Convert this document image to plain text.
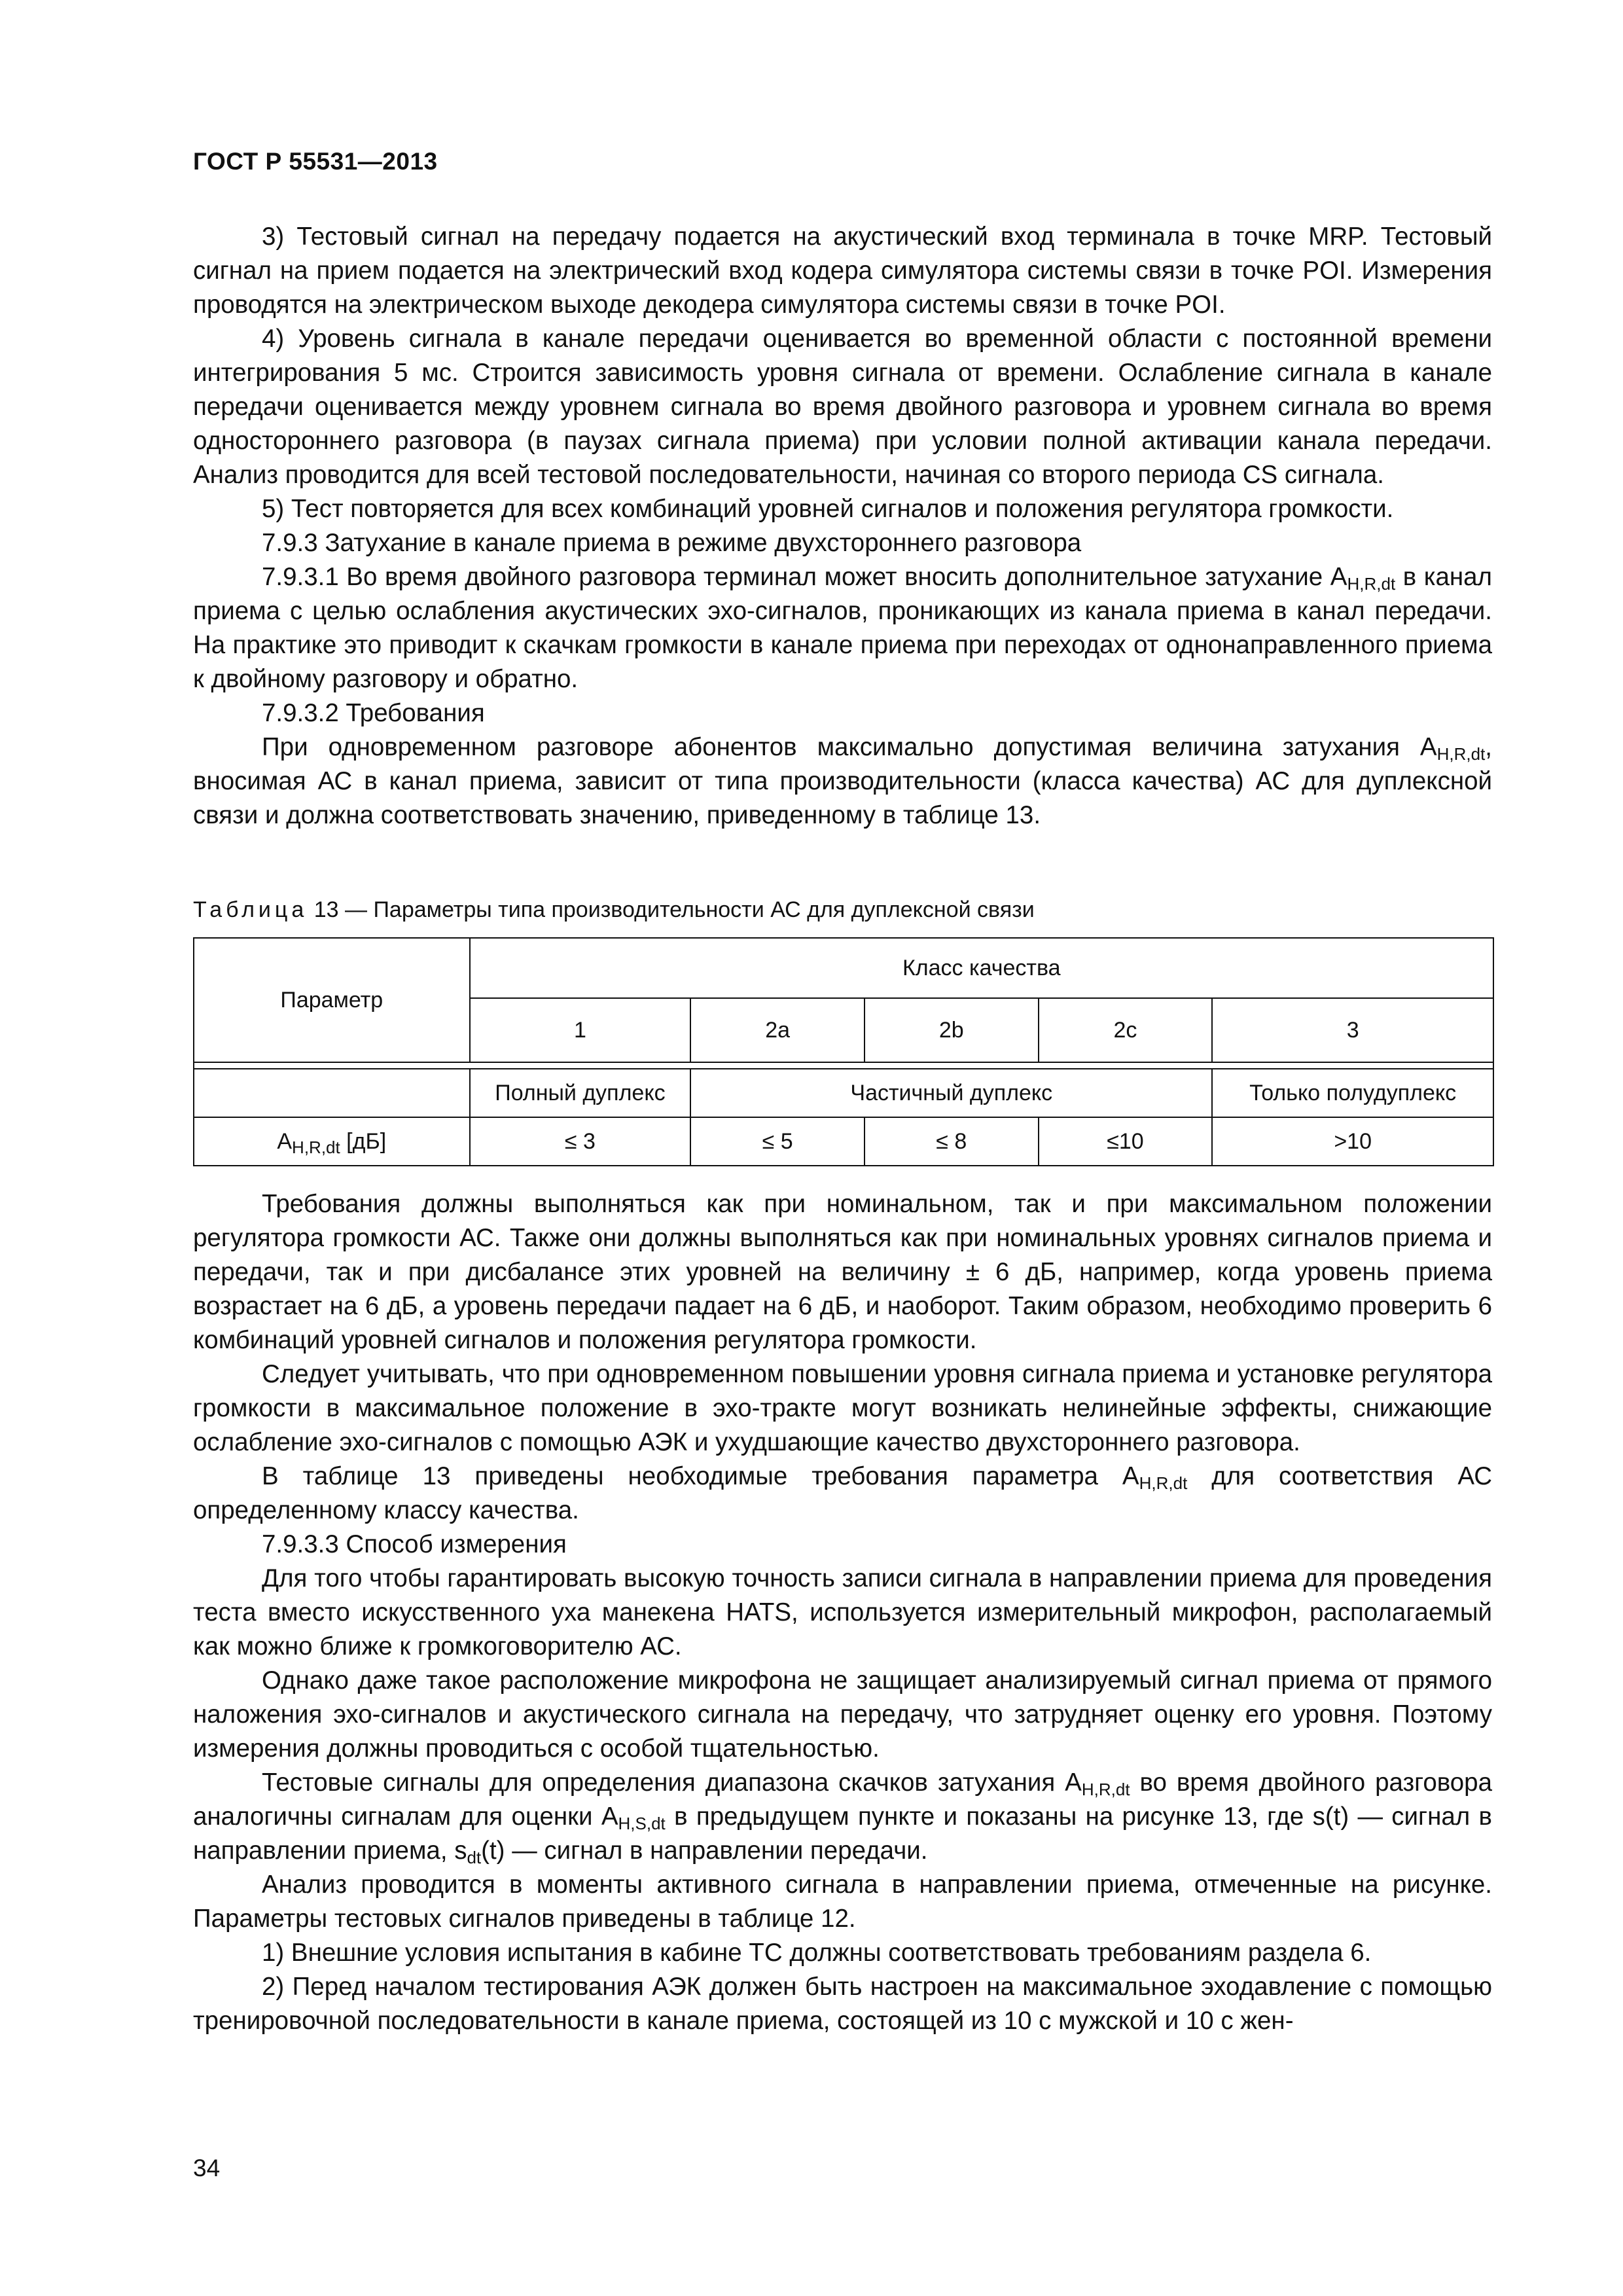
ГОСТ Р 55531—2013

3) Тестовый сигнал на передачу подается на акустический вход терминала в точке MRP. Тестовый сигнал на прием подается на электрический вход кодера симулятора системы связи в точке POI. Измерения проводятся на электрическом выходе декодера симулятора системы связи в точке POI.

4) Уровень сигнала в канале передачи оценивается во временной области с постоянной времени интегрирования 5 мс. Строится зависимость уровня сигнала от времени. Ослабление сигнала в канале передачи оценивается между уровнем сигнала во время двойного разговора и уровнем сигнала во время одностороннего разговора (в паузах сигнала приема) при условии полной активации канала передачи. Анализ проводится для всей тестовой последовательности, начиная со второго периода CS сигнала.

5) Тест повторяется для всех комбинаций уровней сигналов и положения регулятора громкости.

7.9.3 Затухание в канале приема в режиме двухстороннего разговора

7.9.3.1 Во время двойного разговора терминал может вносить дополнительное затухание $A_{H,R,dt}$ в канал приема с целью ослабления акустических эхо-сигналов, проникающих из канала приема в канал передачи. На практике это приводит к скачкам громкости в канале приема при переходах от однонаправленного приема к двойному разговору и обратно.

7.9.3.2 Требования

При одновременном разговоре абонентов максимально допустимая величина затухания $A_{H,R,dt}$, вносимая АС в канал приема, зависит от типа производительности (класса качества) АС для дуплексной связи и должна соответствовать значению, приведенному в таблице 13.

Таблица 13 — Параметры типа производительности АС для дуплексной связи
Параметр	Класс качества				
	1	2a	2b	2c	3

	Полный дуплекс	Частичный дуплекс			Только полудуплекс
$A_{H,R,dt}$ [дБ]	≤ 3	≤ 5	≤ 8	≤10	>10

Требования должны выполняться как при номинальном, так и при максимальном положении регулятора громкости АС. Также они должны выполняться как при номинальных уровнях сигналов приема и передачи, так и при дисбалансе этих уровней на величину ± 6 дБ, например, когда уровень приема возрастает на 6 дБ, а уровень передачи падает на 6 дБ, и наоборот. Таким образом, необходимо проверить 6 комбинаций уровней сигналов и положения регулятора громкости.

Следует учитывать, что при одновременном повышении уровня сигнала приема и установке регулятора громкости в максимальное положение в эхо-тракте могут возникать нелинейные эффекты, снижающие ослабление эхо-сигналов с помощью АЭК и ухудшающие качество двухстороннего разговора.

В таблице 13 приведены необходимые требования параметра $A_{H,R,dt}$ для соответствия АС определенному классу качества.

7.9.3.3 Способ измерения

Для того чтобы гарантировать высокую точность записи сигнала в направлении приема для проведения теста вместо искусственного уха манекена HATS, используется измерительный микрофон, располагаемый как можно ближе к громкоговорителю АС.

Однако даже такое расположение микрофона не защищает анализируемый сигнал приема от прямого наложения эхо-сигналов и акустического сигнала на передачу, что затрудняет оценку его уровня. Поэтому измерения должны проводиться с особой тщательностью.

Тестовые сигналы для определения диапазона скачков затухания $A_{H,R,dt}$ во время двойного разговора аналогичны сигналам для оценки $A_{H,S,dt}$ в предыдущем пункте и показаны на рисунке 13, где s(t) — сигнал в направлении приема, $s_{dt}(t)$ — сигнал в направлении передачи.

Анализ проводится в моменты активного сигнала в направлении приема, отмеченные на рисунке. Параметры тестовых сигналов приведены в таблице 12.

1) Внешние условия испытания в кабине ТС должны соответствовать требованиям раздела 6.

2) Перед началом тестирования АЭК должен быть настроен на максимальное эходавление с помощью тренировочной последовательности в канале приема, состоящей из 10 с мужской и 10 с жен-

34
